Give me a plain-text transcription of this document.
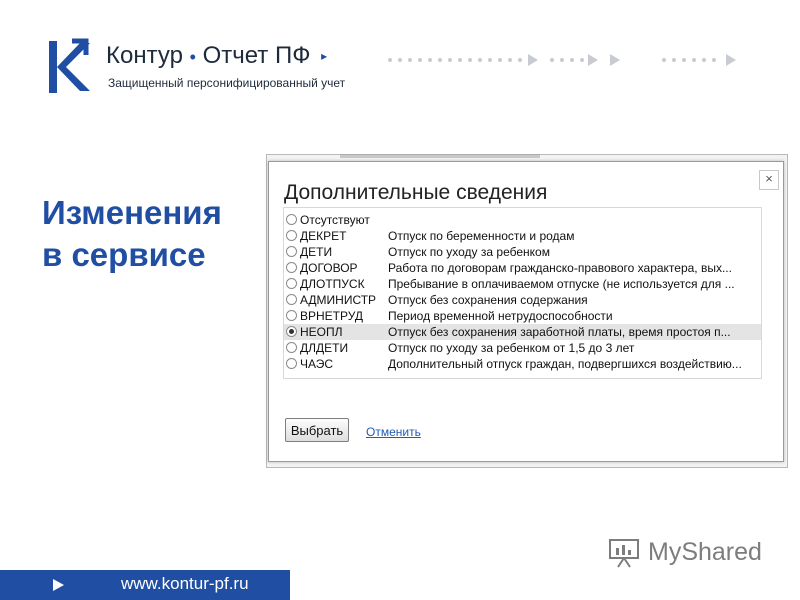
Контур • Отчет ПФ ▸
Защищенный персонифицированный учет
Изменения
в сервисе
×
Дополнительные сведения
Отсутствуют
ДЕКРЕТ	Отпуск по беременности и родам
ДЕТИ	Отпуск по уходу за ребенком
ДОГОВОР	Работа по договорам гражданско-правового характера, вых...
ДЛОТПУСК Пребывание в оплачиваемом отпуске (не используется для ...
АДМИНИСТР Отпуск без сохранения содержания
ВРНЕТРУД Период временной нетрудоспособности
НЕОПЛ	Отпуск без сохранения заработной платы, время простоя п...
ДЛДЕТИ	Отпуск по уходу за ребенком от 1,5 до 3 лет
ЧАЭС	Дополнительный отпуск граждан, подвергшихся воздействию...
Выбрать	Отменить
MyShared
www.kontur-pf.ru
